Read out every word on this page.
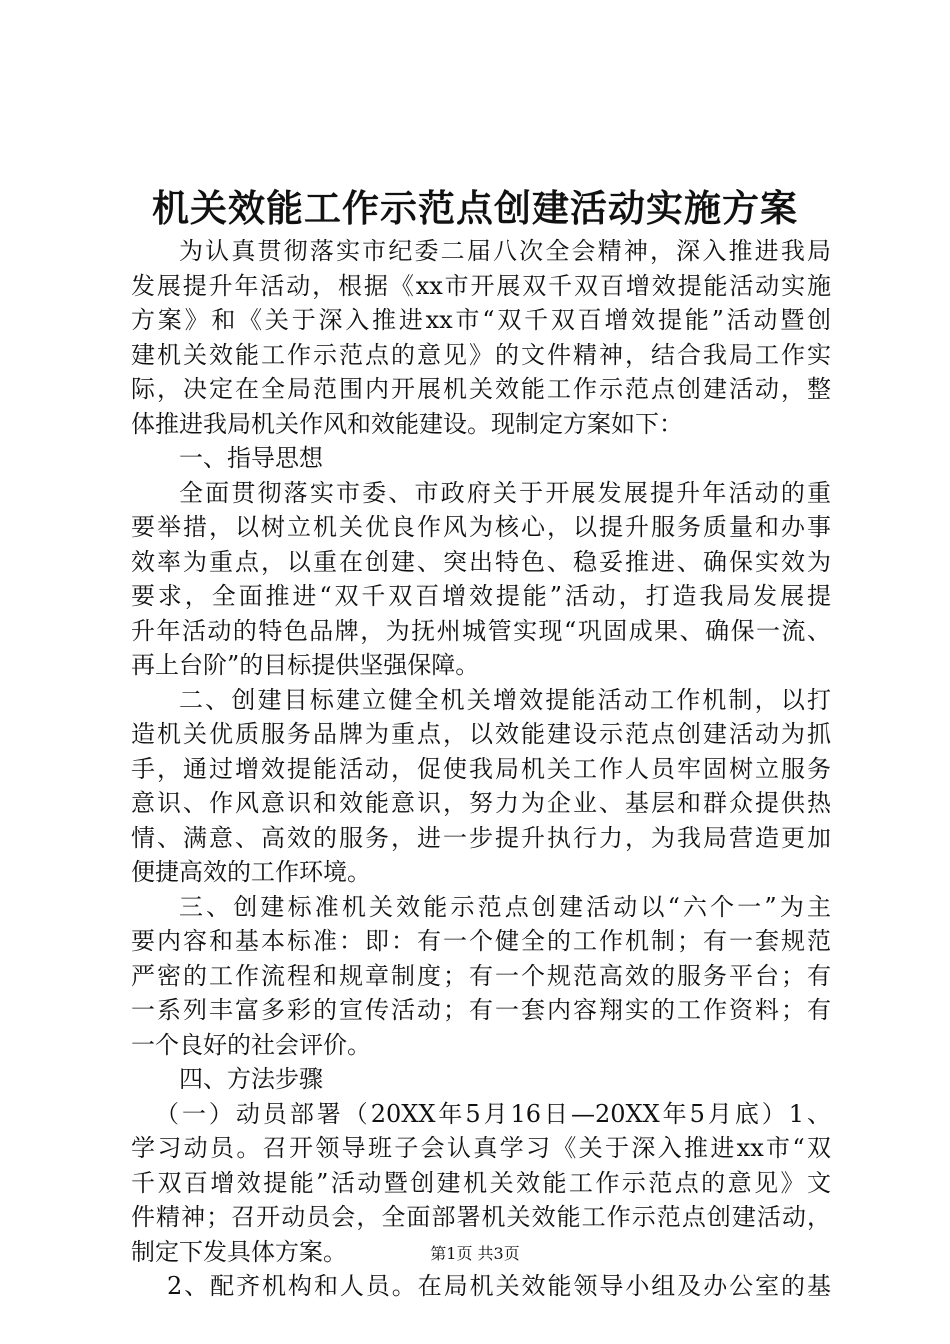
机关效能工作示范点创建活动实施方案
为认真贯彻落实市纪委二届八次全会精神，深入推进我局
发展提升年活动，根据《xx市开展双千双百增效提能活动实施
方案》和《关于深入推进xx市“双千双百增效提能”活动暨创
建机关效能工作示范点的意见》的文件精神，结合我局工作实
际，决定在全局范围内开展机关效能工作示范点创建活动，整
体推进我局机关作风和效能建设。现制定方案如下：
一、指导思想
全面贯彻落实市委、市政府关于开展发展提升年活动的重
要举措，以树立机关优良作风为核心，以提升服务质量和办事
效率为重点，以重在创建、突出特色、稳妥推进、确保实效为
要求，全面推进“双千双百增效提能”活动，打造我局发展提
升年活动的特色品牌，为抚州城管实现“巩固成果、确保一流、
再上台阶”的目标提供坚强保障。
二、创建目标建立健全机关增效提能活动工作机制，以打
造机关优质服务品牌为重点，以效能建设示范点创建活动为抓
手，通过增效提能活动，促使我局机关工作人员牢固树立服务
意识、作风意识和效能意识，努力为企业、基层和群众提供热
情、满意、高效的服务，进一步提升执行力，为我局营造更加
便捷高效的工作环境。
三、创建标准机关效能示范点创建活动以“六个一”为主
要内容和基本标准：即：有一个健全的工作机制；有一套规范
严密的工作流程和规章制度；有一个规范高效的服务平台；有
一系列丰富多彩的宣传活动；有一套内容翔实的工作资料；有
一个良好的社会评价。
四、方法步骤
（一）动员部署（20XX年5月16日—20XX年5月底）1、
学习动员。召开领导班子会认真学习《关于深入推进xx市“双
千双百增效提能”活动暨创建机关效能工作示范点的意见》文
件精神；召开动员会，全面部署机关效能工作示范点创建活动，
制定下发具体方案。
2、配齐机构和人员。在局机关效能领导小组及办公室的基
第1页 共3页
